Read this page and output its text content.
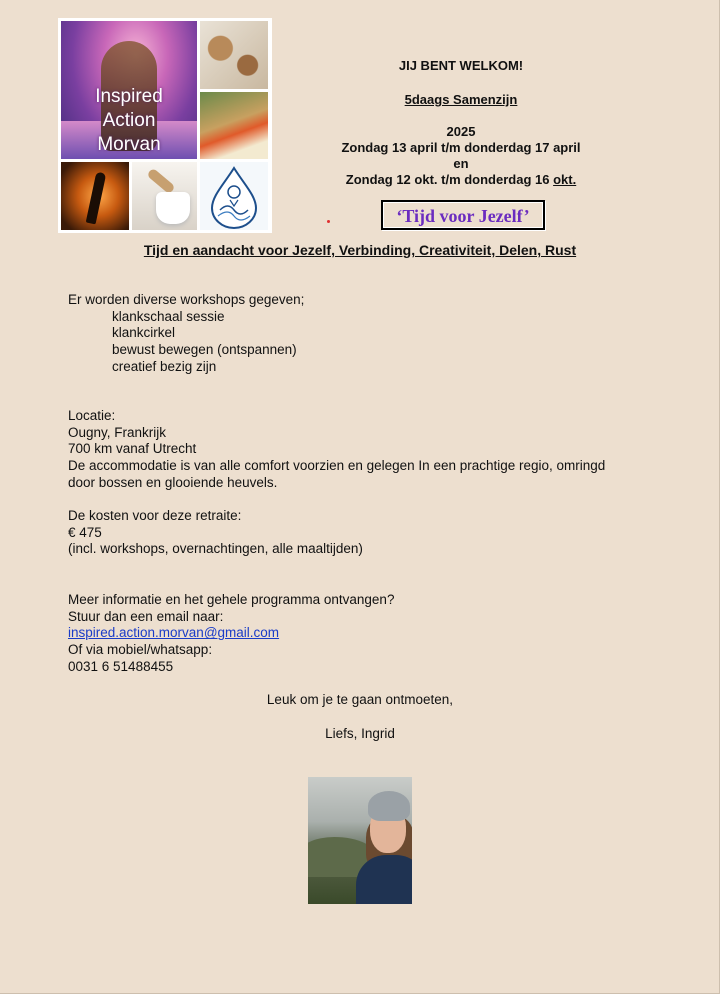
Inspired
Action
Morvan
JIJ BENT WELKOM!
5daags Samenzijn
2025
Zondag 13 april t/m donderdag 17 april
en
Zondag 12 okt. t/m donderdag 16 okt.
‘Tijd voor Jezelf’
Tijd en aandacht voor Jezelf, Verbinding, Creativiteit, Delen, Rust
Er worden diverse workshops gegeven;
klankschaal sessie
klankcirkel
bewust bewegen (ontspannen)
creatief bezig zijn
Locatie:
Ougny, Frankrijk
700 km vanaf Utrecht
De accommodatie is van alle comfort voorzien en gelegen In een prachtige regio, omringd
door bossen en glooiende heuvels.
De kosten voor deze retraite:
€ 475
(incl. workshops, overnachtingen, alle maaltijden)
Meer informatie en het gehele programma ontvangen?
Stuur dan een email naar:
inspired.action.morvan@gmail.com
Of via mobiel/whatsapp:
0031 6 51488455
Leuk om je te gaan ontmoeten,
Liefs, Ingrid
